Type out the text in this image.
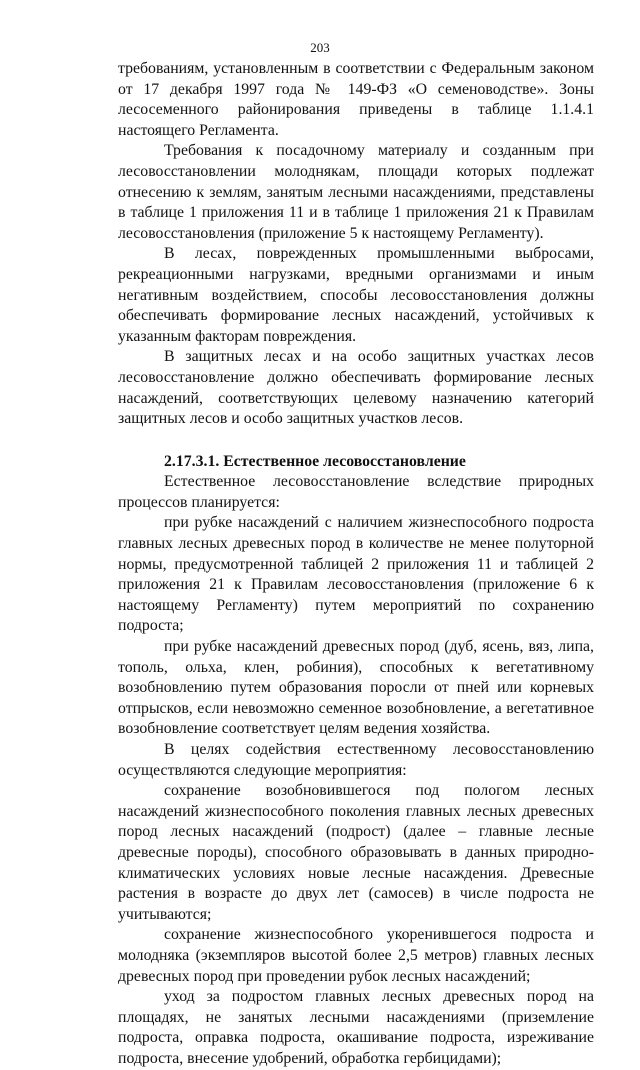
203

требованиям, установленным в соответствии с Федеральным законом от 17 декабря 1997 года № 149-ФЗ «О семеноводстве». Зоны лесосеменного районирования приведены в таблице 1.1.4.1 настоящего Регламента.

Требования к посадочному материалу и созданным при лесовосстановлении молоднякам, площади которых подлежат отнесению к землям, занятым лесными насаждениями, представлены в таблице 1 приложения 11 и в таблице 1 приложения 21 к Правилам лесовосстановления (приложение 5 к настоящему Регламенту).

В лесах, поврежденных промышленными выбросами, рекреационными нагрузками, вредными организмами и иным негативным воздействием, способы лесовосстановления должны обеспечивать формирование лесных насаждений, устойчивых к указанным факторам повреждения.

В защитных лесах и на особо защитных участках лесов лесовосстановление должно обеспечивать формирование лесных насаждений, соответствующих целевому назначению категорий защитных лесов и особо защитных участков лесов.

2.17.3.1. Естественное лесовосстановление

Естественное лесовосстановление вследствие природных процессов планируется:

при рубке насаждений с наличием жизнеспособного подроста главных лесных древесных пород в количестве не менее полуторной нормы, предусмотренной таблицей 2 приложения 11 и таблицей 2 приложения 21 к Правилам лесовосстановления (приложение 6 к настоящему Регламенту) путем мероприятий по сохранению подроста;

при рубке насаждений древесных пород (дуб, ясень, вяз, липа, тополь, ольха, клен, робиния), способных к вегетативному возобновлению путем образования поросли от пней или корневых отпрысков, если невозможно семенное возобновление, а вегетативное возобновление соответствует целям ведения хозяйства.

В целях содействия естественному лесовосстановлению осуществляются следующие мероприятия:

сохранение возобновившегося под пологом лесных насаждений жизнеспособного поколения главных лесных древесных пород лесных насаждений (подрост) (далее – главные лесные древесные породы), способного образовывать в данных природно-климатических условиях новые лесные насаждения. Древесные растения в возрасте до двух лет (самосев) в числе подроста не учитываются;

сохранение жизнеспособного укоренившегося подроста и молодняка (экземпляров высотой более 2,5 метров) главных лесных древесных пород при проведении рубок лесных насаждений;

уход за подростом главных лесных древесных пород на площадях, не занятых лесными насаждениями (приземление подроста, оправка подроста, окашивание подроста, изреживание подроста, внесение удобрений, обработка гербицидами);
